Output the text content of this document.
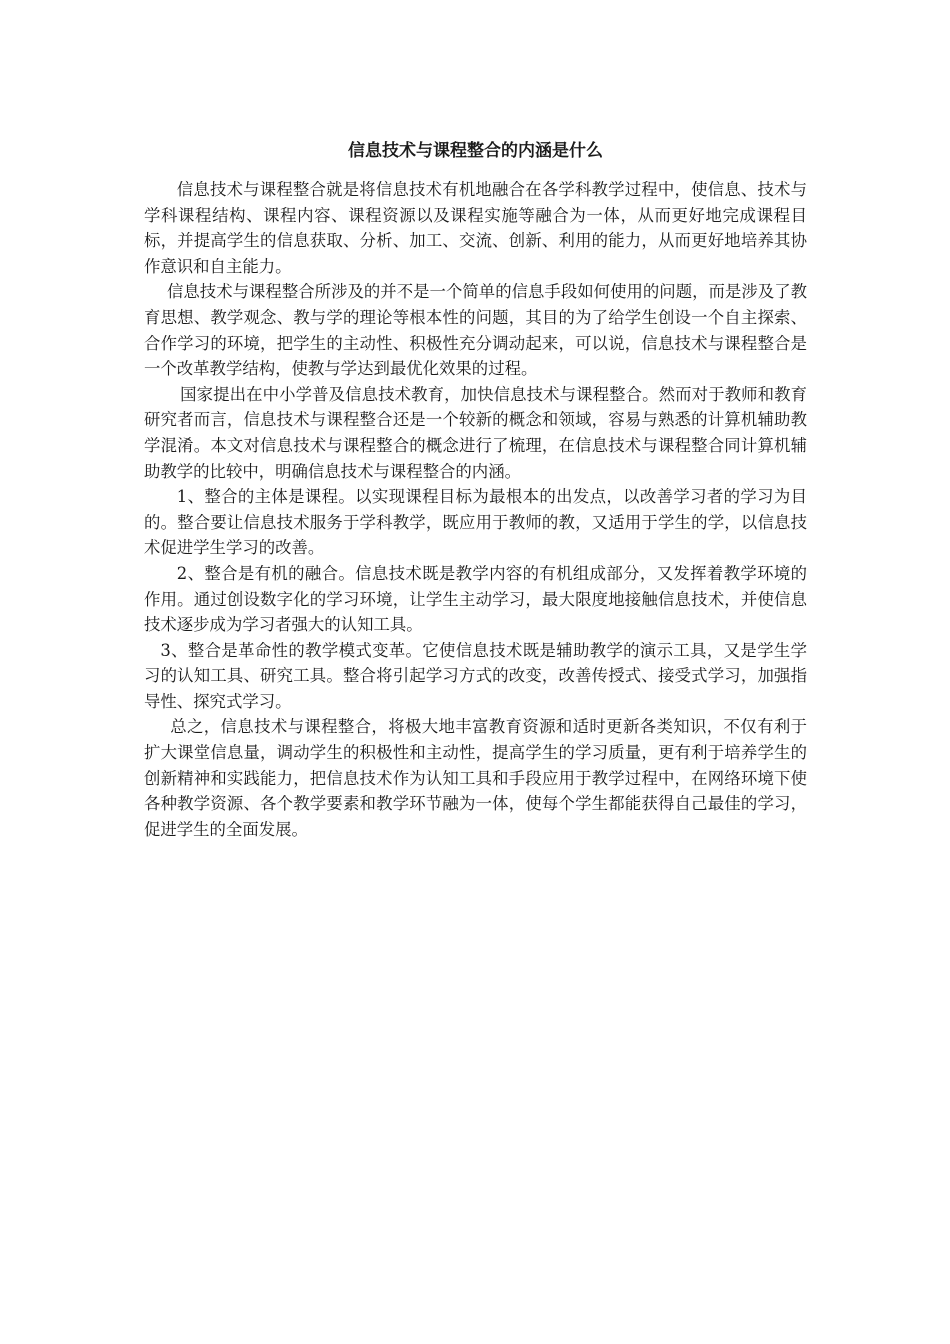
信息技术与课程整合的内涵是什么

信息技术与课程整合就是将信息技术有机地融合在各学科教学过程中，使信息、技术与学科课程结构、课程内容、课程资源以及课程实施等融合为一体，从而更好地完成课程目标，并提高学生的信息获取、分析、加工、交流、创新、利用的能力，从而更好地培养其协作意识和自主能力。

信息技术与课程整合所涉及的并不是一个简单的信息手段如何使用的问题，而是涉及了教育思想、教学观念、教与学的理论等根本性的问题，其目的为了给学生创设一个自主探索、合作学习的环境，把学生的主动性、积极性充分调动起来，可以说，信息技术与课程整合是一个改革教学结构，使教与学达到最优化效果的过程。

国家提出在中小学普及信息技术教育，加快信息技术与课程整合。然而对于教师和教育研究者而言，信息技术与课程整合还是一个较新的概念和领域，容易与熟悉的计算机辅助教学混淆。本文对信息技术与课程整合的概念进行了梳理，在信息技术与课程整合同计算机辅助教学的比较中，明确信息技术与课程整合的内涵。

1、整合的主体是课程。以实现课程目标为最根本的出发点，以改善学习者的学习为目的。整合要让信息技术服务于学科教学，既应用于教师的教，又适用于学生的学，以信息技术促进学生学习的改善。

2、整合是有机的融合。信息技术既是教学内容的有机组成部分，又发挥着教学环境的作用。通过创设数字化的学习环境，让学生主动学习，最大限度地接触信息技术，并使信息技术逐步成为学习者强大的认知工具。

3、整合是革命性的教学模式变革。它使信息技术既是辅助教学的演示工具，又是学生学习的认知工具、研究工具。整合将引起学习方式的改变，改善传授式、接受式学习，加强指导性、探究式学习。

总之，信息技术与课程整合，将极大地丰富教育资源和适时更新各类知识，不仅有利于扩大课堂信息量，调动学生的积极性和主动性，提高学生的学习质量，更有利于培养学生的创新精神和实践能力，把信息技术作为认知工具和手段应用于教学过程中，在网络环境下使各种教学资源、各个教学要素和教学环节融为一体，使每个学生都能获得自己最佳的学习，促进学生的全面发展。
